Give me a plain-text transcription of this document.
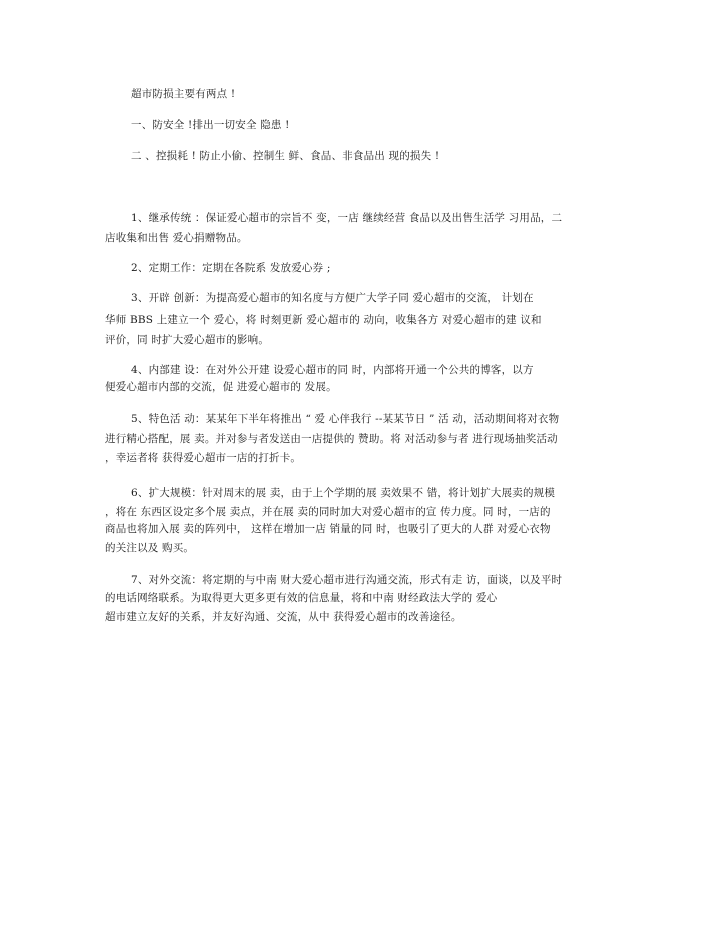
超市防损主要有两点 !
一、防安全 !排出一切安全 隐患 !
二 、控损耗 ! 防止小偷、控制生 鲜、食品、非食品出 现的损失 !
1、继承传统 ：保证爱心超市的宗旨不 变，一店 继续经营 食品以及出售生活学 习用品，二
店收集和出售 爱心捐赠物品。
2、定期工作：定期在各院系 发放爱心券 ;
3、开辟 创新：为提高爱心超市的知名度与方便广大学子同 爱心超市的交流， 计划在
华师 BBS 上建立一个 爱心，将 时刻更新 爱心超市的 动向，收集各方 对爱心超市的建 议和
评价，同 时扩大爱心超市的影响。
4、内部建 设：在对外公开建 设爱心超市的同 时，内部将开通一个公共的博客，以方
便爱心超市内部的交流，促 进爱心超市的 发展。
5、特色活 动：某某年下半年将推出 “ 爱 心伴我行 --某某节日 ” 活 动，活动期间将对衣物
进行精心搭配，展 卖。并对参与者发送由一店提供的 赞助。将 对活动参与者 进行现场抽奖活动
，幸运者将 获得爱心超市一店的打折卡。
6、扩大规模：针对周末的展 卖，由于上个学期的展 卖效果不 错，将计划扩大展卖的规模
，将在 东西区设定多个展 卖点，并在展 卖的同时加大对爱心超市的宣 传力度。同 时，一店的
商品也将加入展 卖的阵列中， 这样在增加一店 销量的同 时，也吸引了更大的人群 对爱心衣物
的关注以及 购买。
7、对外交流：将定期的与中南 财大爱心超市进行沟通交流，形式有走 访，面谈，以及平时
的电话网络联系。为取得更大更多更有效的信息量，将和中南 财经政法大学的 爱心
超市建立友好的关系，并友好沟通、交流，从中 获得爱心超市的改善途径。
